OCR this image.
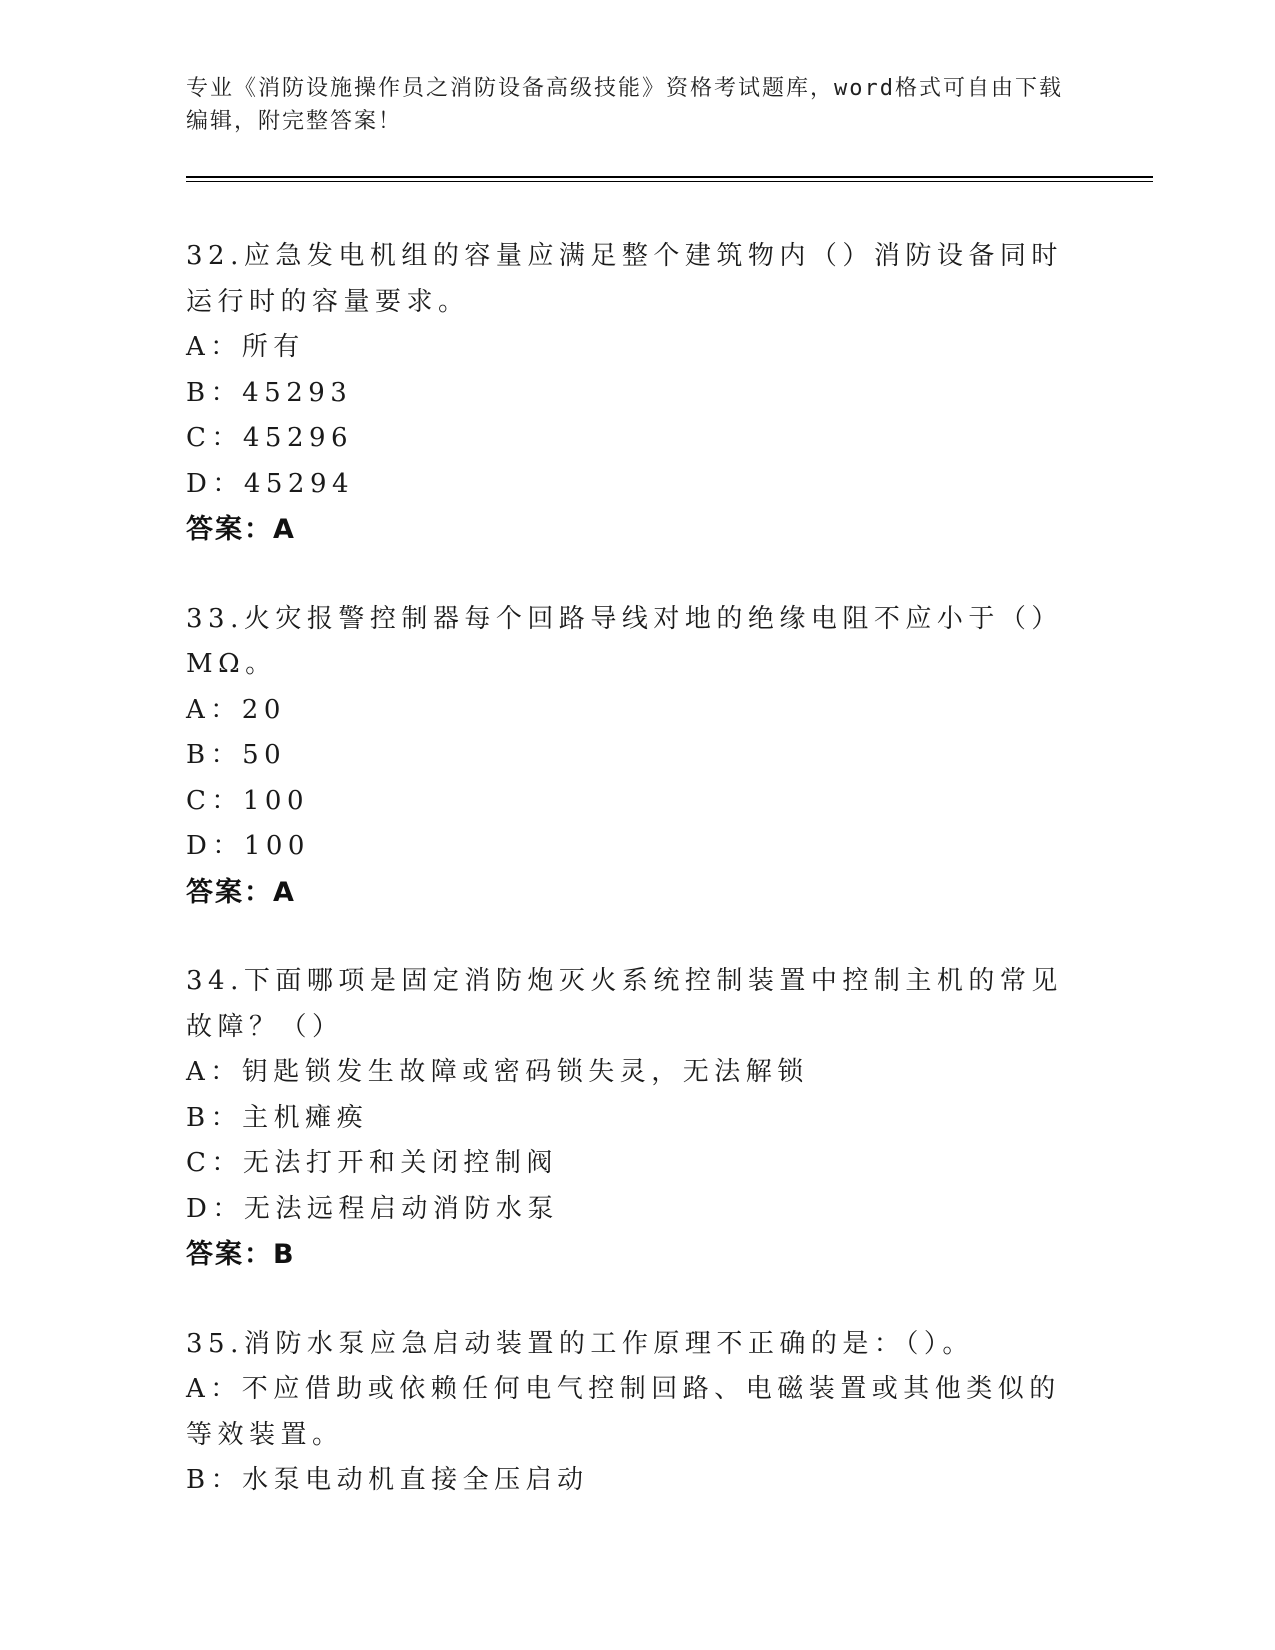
专业《消防设施操作员之消防设备高级技能》资格考试题库，word格式可自由下载编辑，附完整答案！
32.应急发电机组的容量应满足整个建筑物内（）消防设备同时运行时的容量要求。
A：所有
B：45293
C：45296
D：45294
答案：A
33.火灾报警控制器每个回路导线对地的绝缘电阻不应小于（）MΩ。
A：20
B：50
C：100
D：100
答案：A
34.下面哪项是固定消防炮灭火系统控制装置中控制主机的常见故障？（）
A：钥匙锁发生故障或密码锁失灵，无法解锁
B：主机瘫痪
C：无法打开和关闭控制阀
D：无法远程启动消防水泵
答案：B
35.消防水泵应急启动装置的工作原理不正确的是：（）。
A：不应借助或依赖任何电气控制回路、电磁装置或其他类似的等效装置。
B：水泵电动机直接全压启动
